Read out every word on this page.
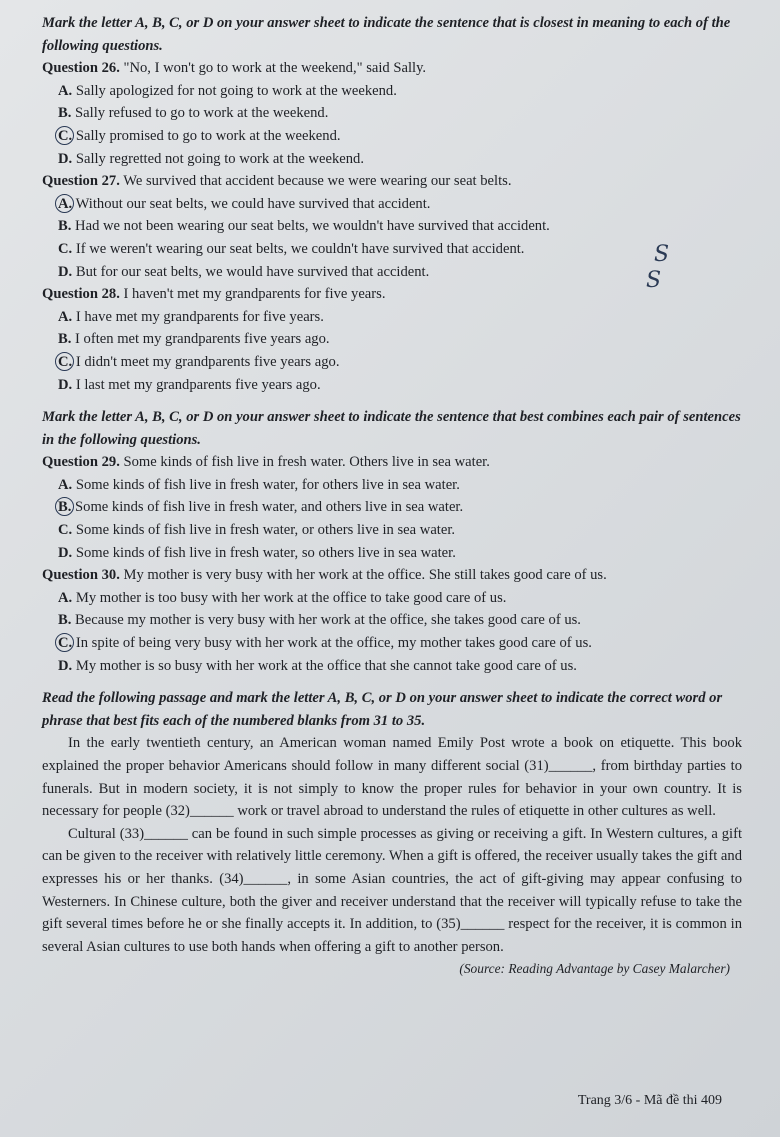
Mark the letter A, B, C, or D on your answer sheet to indicate the sentence that is closest in meaning to each of the following questions.

Question 26. "No, I won't go to work at the weekend," said Sally.

A. Sally apologized for not going to work at the weekend.

B. Sally refused to go to work at the weekend.

C. Sally promised to go to work at the weekend.

D. Sally regretted not going to work at the weekend.

Question 27. We survived that accident because we were wearing our seat belts.

A. Without our seat belts, we could have survived that accident.

B. Had we not been wearing our seat belts, we wouldn't have survived that accident.

C. If we weren't wearing our seat belts, we couldn't have survived that accident.

D. But for our seat belts, we would have survived that accident.

Question 28. I haven't met my grandparents for five years.

A. I have met my grandparents for five years.

B. I often met my grandparents five years ago.

C. I didn't meet my grandparents five years ago.

D. I last met my grandparents five years ago.

Mark the letter A, B, C, or D on your answer sheet to indicate the sentence that best combines each pair of sentences in the following questions.

Question 29. Some kinds of fish live in fresh water. Others live in sea water.

A. Some kinds of fish live in fresh water, for others live in sea water.

B. Some kinds of fish live in fresh water, and others live in sea water.

C. Some kinds of fish live in fresh water, or others live in sea water.

D. Some kinds of fish live in fresh water, so others live in sea water.

Question 30. My mother is very busy with her work at the office. She still takes good care of us.

A. My mother is too busy with her work at the office to take good care of us.

B. Because my mother is very busy with her work at the office, she takes good care of us.

C. In spite of being very busy with her work at the office, my mother takes good care of us.

D. My mother is so busy with her work at the office that she cannot take good care of us.

Read the following passage and mark the letter A, B, C, or D on your answer sheet to indicate the correct word or phrase that best fits each of the numbered blanks from 31 to 35.

In the early twentieth century, an American woman named Emily Post wrote a book on etiquette. This book explained the proper behavior Americans should follow in many different social (31)______, from birthday parties to funerals. But in modern society, it is not simply to know the proper rules for behavior in your own country. It is necessary for people (32)______ work or travel abroad to understand the rules of etiquette in other cultures as well.

Cultural (33)______ can be found in such simple processes as giving or receiving a gift. In Western cultures, a gift can be given to the receiver with relatively little ceremony. When a gift is offered, the receiver usually takes the gift and expresses his or her thanks. (34)______, in some Asian countries, the act of gift-giving may appear confusing to Westerners. In Chinese culture, both the giver and receiver understand that the receiver will typically refuse to take the gift several times before he or she finally accepts it. In addition, to (35)______ respect for the receiver, it is common in several Asian cultures to use both hands when offering a gift to another person.

(Source: Reading Advantage by Casey Malarcher)

S
S
Trang 3/6 - Mã đề thi 409
